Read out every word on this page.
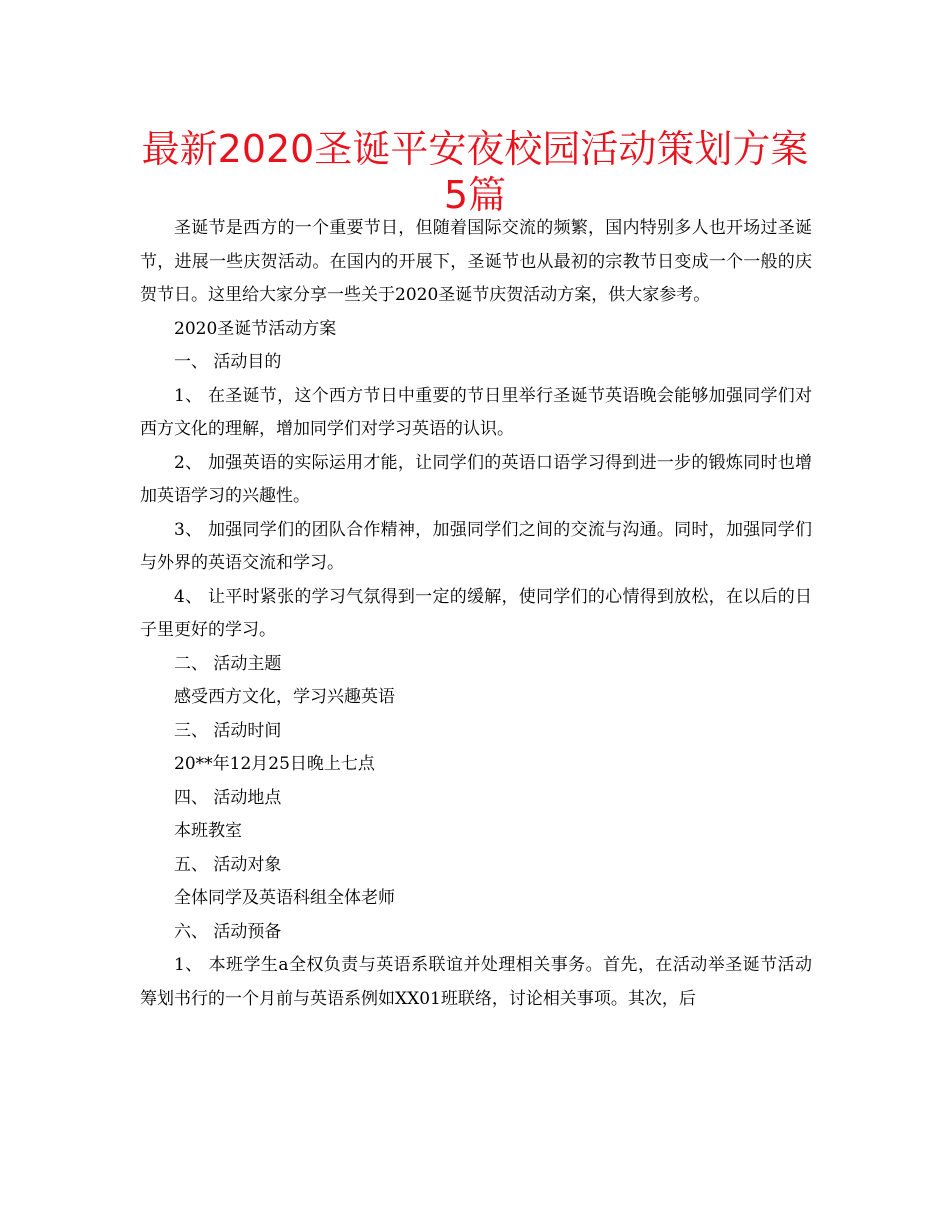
最新2020圣诞平安夜校园活动策划方案5篇

圣诞节是西方的一个重要节日，但随着国际交流的频繁，国内特别多人也开场过圣诞节，进展一些庆贺活动。在国内的开展下，圣诞节也从最初的宗教节日变成一个一般的庆贺节日。这里给大家分享一些关于2020圣诞节庆贺活动方案，供大家参考。

2020圣诞节活动方案

一、 活动目的

1、 在圣诞节，这个西方节日中重要的节日里举行圣诞节英语晚会能够加强同学们对西方文化的理解，增加同学们对学习英语的认识。

2、 加强英语的实际运用才能，让同学们的英语口语学习得到进一步的锻炼同时也增加英语学习的兴趣性。

3、 加强同学们的团队合作精神，加强同学们之间的交流与沟通。同时，加强同学们与外界的英语交流和学习。

4、 让平时紧张的学习气氛得到一定的缓解，使同学们的心情得到放松，在以后的日子里更好的学习。

二、 活动主题

感受西方文化，学习兴趣英语

三、 活动时间

20**年12月25日晚上七点

四、 活动地点

本班教室

五、 活动对象

全体同学及英语科组全体老师

六、 活动预备

1、 本班学生a全权负责与英语系联谊并处理相关事务。首先，在活动举圣诞节活动筹划书行的一个月前与英语系例如XX01班联络，讨论相关事项。其次，后
